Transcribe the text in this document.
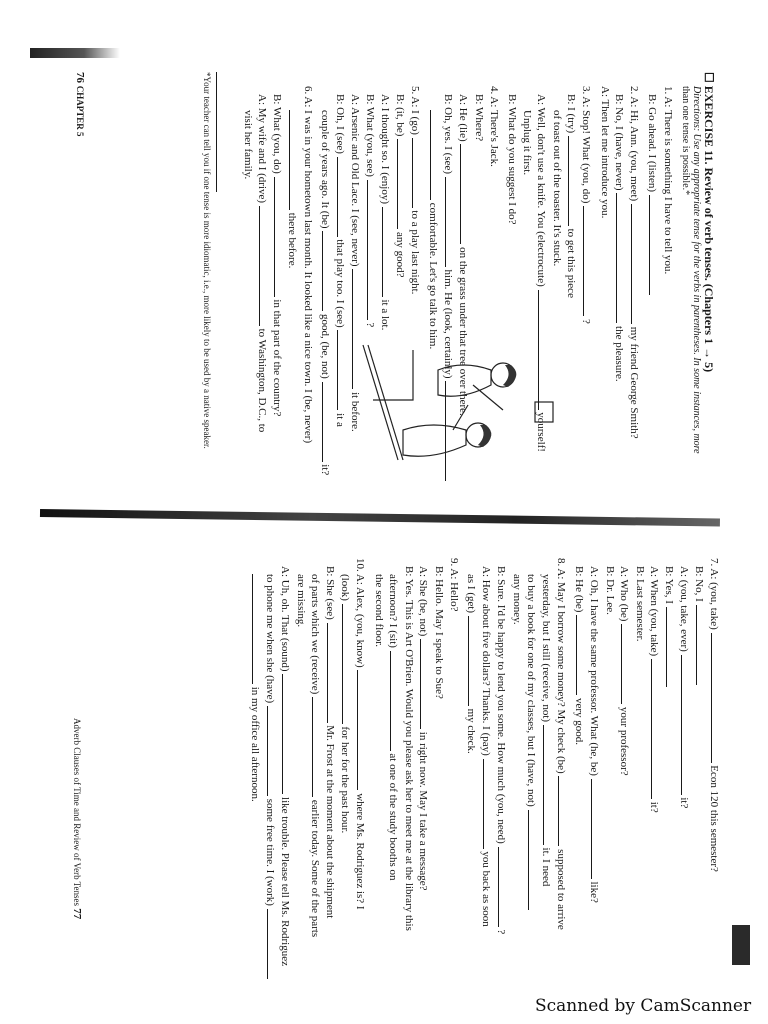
☐ EXERCISE 11. Review of verb tenses. (Chapters 1 → 5)
Directions: Use any appropriate tense for the verbs in parentheses. In some instances, more
than one tense is possible.*
1. A: There is something I have to tell you.
B: Go ahead. I (listen)
2. A: Hi, Ann. (you, meet)  my friend George Smith?
B: No, I (have, never)  the pleasure.
A: Then let me introduce you.
3. A: Stop! What (you, do)  ?
B: I (try)  to get this piece
of toast out of the toaster. It's stuck.
A: Well, don't use a knife. You (electrocute)  yourself!
Unplug it first.
B: What do you suggest I do?
4. A: There's Jack.
B: Where?
A: He (lie)  on the grass under that tree over there.
B: Oh, yes. I (see)  him. He (look, certainly)
comfortable. Let's go talk to him.
5. A: I (go)  to a play last night.
B: (it, be)  any good?
A: I thought so. I (enjoy)  it a lot.
B: What (you, see)  ?
A: Arsenic and Old Lace. I (see, never)  it before.
B: Oh, I (see)  that play too. I (see)  it a
couple of years ago. It (be)  good, (be, not)  it?
6. A: I was in your hometown last month. It looked like a nice town. I (be, never)
there before.
B: What (you, do)  in that part of the country?
A: My wife and I (drive)  to Washington, D.C., to
visit her family.
*Your teacher can tell you if one tense is more idiomatic, i.e., more likely to be used by a native speaker.
76 CHAPTER 5
7. A: (you, take)  Econ 120 this semester?
B: No, I
A: (you, take, ever)  it?
B: Yes, I
A: When (you, take)  it?
B: Last semester.
A: Who (be)  your professor?
B: Dr. Lee.
A: Oh, I have the same professor. What (he, be)  like?
B: He (be)  very good.
8. A: May I borrow some money? My check (be)  supposed to arrive
yesterday, but I still (receive, not)  it. I need
to buy a book for one of my classes, but I (have, not)
any money.
B: Sure. I'd be happy to lend you some. How much (you, need)  ?
A: How about five dollars? Thanks. I (pay)  you back as soon
as I (get)  my check.
9. A: Hello?
B: Hello. May I speak to Sue?
A: She (be, not)  in right now. May I take a message?
B: Yes. This is Art O'Brien. Would you please ask her to meet me at the library this
afternoon? I (sit)  at one of the study booths on
the second floor.
10. A: Alex, (you, know)  where Ms. Rodriguez is? I
(look)  for her for the past hour.
B: She (see)  Mr. Frost at the moment about the shipment
of parts which we (receive)  earlier today. Some of the parts
are missing.
A: Uh, oh. That (sound)  like trouble. Please tell Ms. Rodriguez
to phone me when she (have)  some free time. I (work)
in my office all afternoon.
Adverb Clauses of Time and Review of Verb Tenses 77
Scanned by CamScanner
